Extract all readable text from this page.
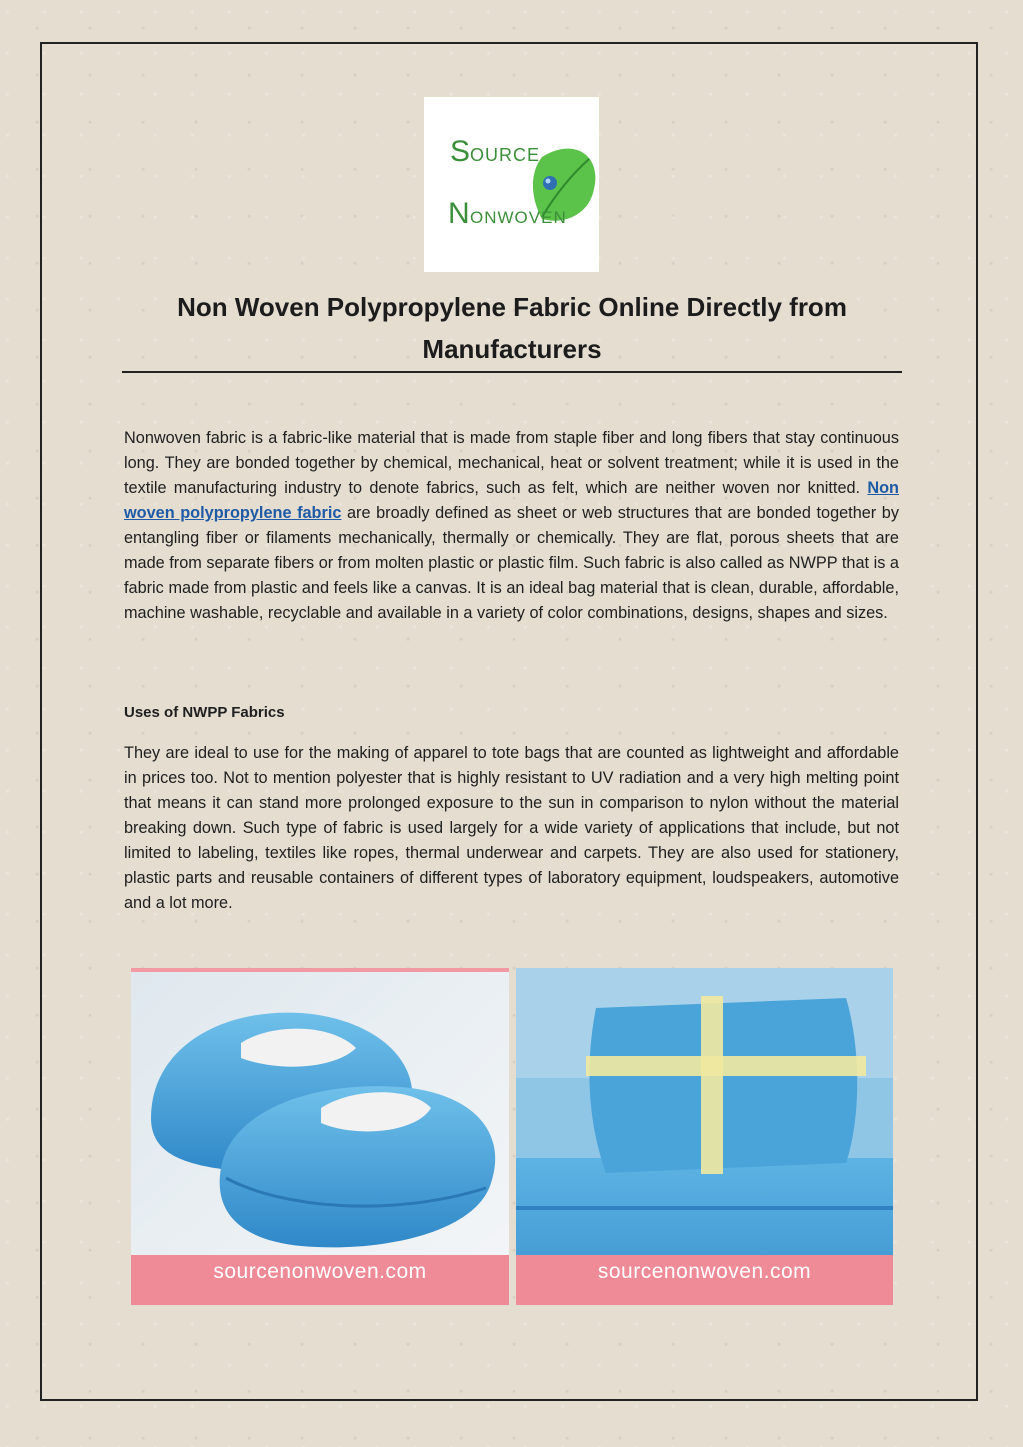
S OURCE
N ONWOVEN
Non Woven Polypropylene Fabric Online Directly from
Manufacturers

Nonwoven fabric is a fabric-like material that is made from staple fiber and long fibers that stay continuous long. They are bonded together by chemical, mechanical, heat or solvent treatment; while it is used in the textile manufacturing industry to denote fabrics, such as felt, which are neither woven nor knitted. Non woven polypropylene fabric are broadly defined as sheet or web structures that are bonded together by entangling fiber or filaments mechanically, thermally or chemically. They are flat, porous sheets that are made from separate fibers or from molten plastic or plastic film. Such fabric is also called as NWPP that is a fabric made from plastic and feels like a canvas. It is an ideal bag material that is clean, durable, affordable, machine washable, recyclable and available in a variety of color combinations, designs, shapes and sizes.

Uses of NWPP Fabrics

They are ideal to use for the making of apparel to tote bags that are counted as lightweight and affordable in prices too. Not to mention polyester that is highly resistant to UV radiation and a very high melting point that means it can stand more prolonged exposure to the sun in comparison to nylon without the material breaking down. Such type of fabric is used largely for a wide variety of applications that include, but not limited to labeling, textiles like ropes, thermal underwear and carpets. They are also used for stationery, plastic parts and reusable containers of different types of laboratory equipment, loudspeakers, automotive and a lot more.

sourcenonwoven.com	sourcenonwoven.com
